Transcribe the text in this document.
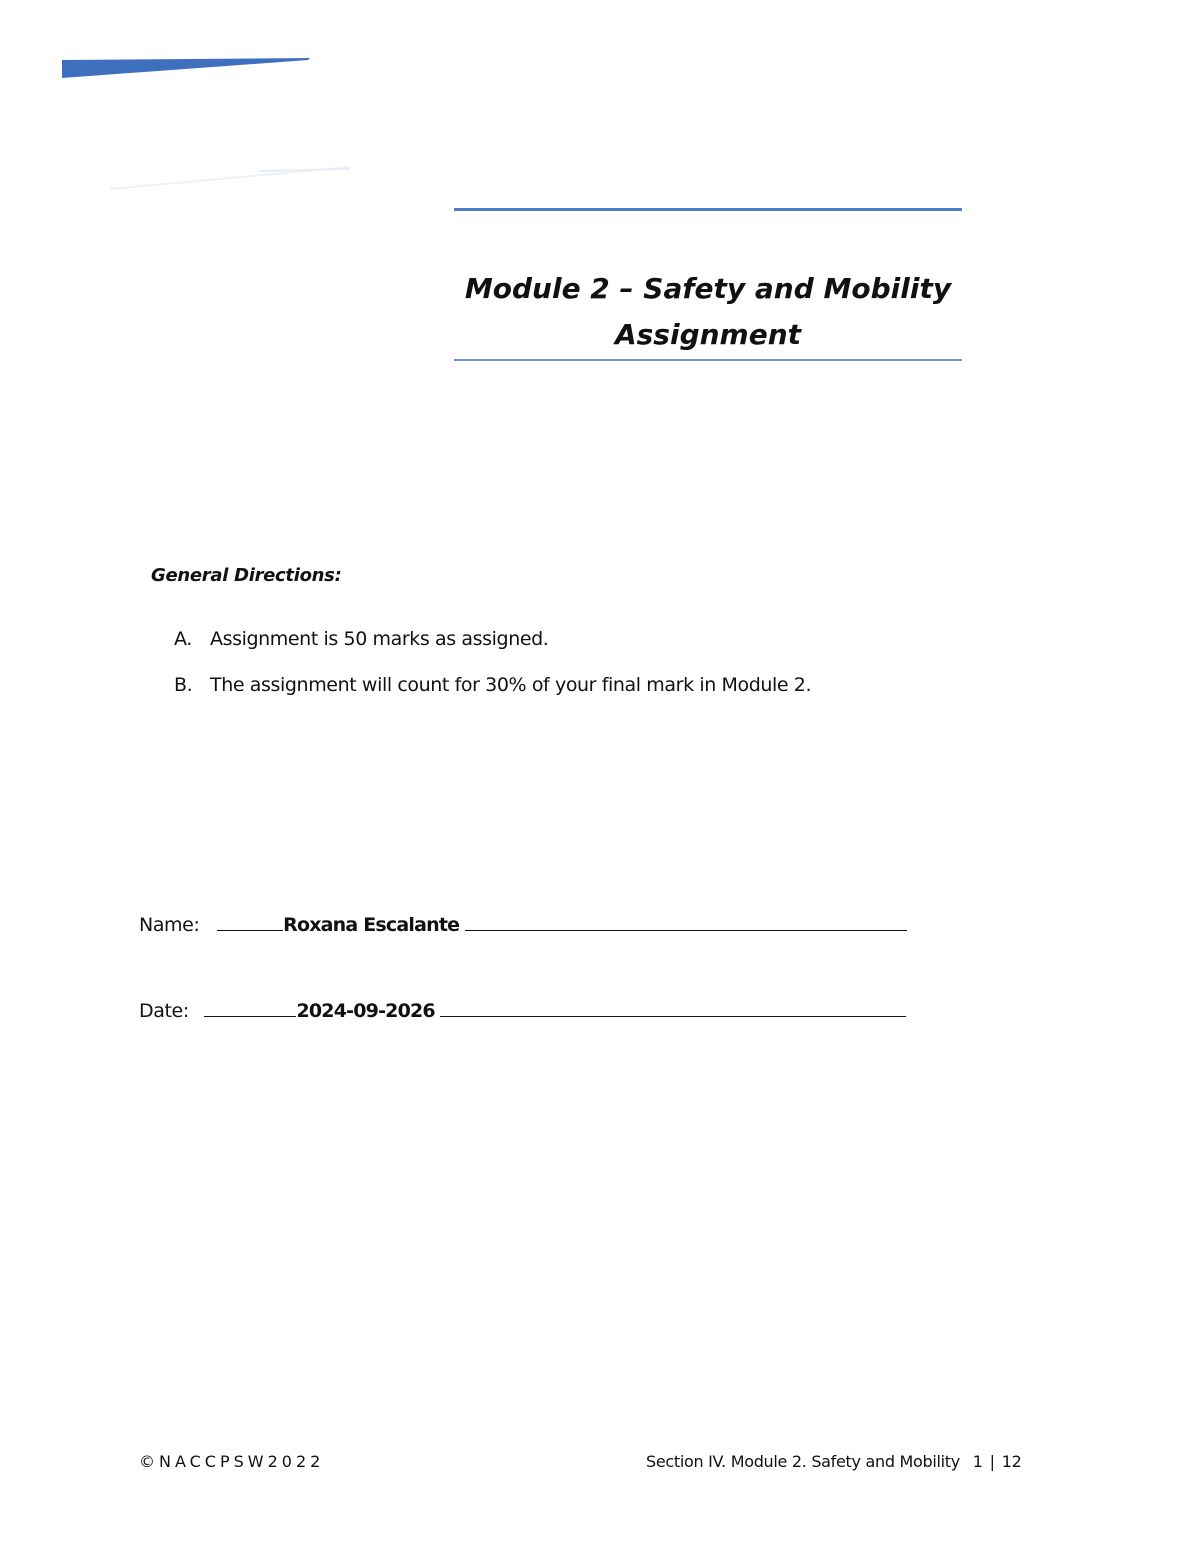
Module 2 – Safety and Mobility
Assignment
General Directions:
A. Assignment is 50 marks as assigned.
B. The assignment will count for 30% of your final mark in Module 2.
Name:	Roxana Escalante
Date:	2024-09-2026
©NACCPSW2022	Section IV. Module 2. Safety and Mobility 1 | 12
